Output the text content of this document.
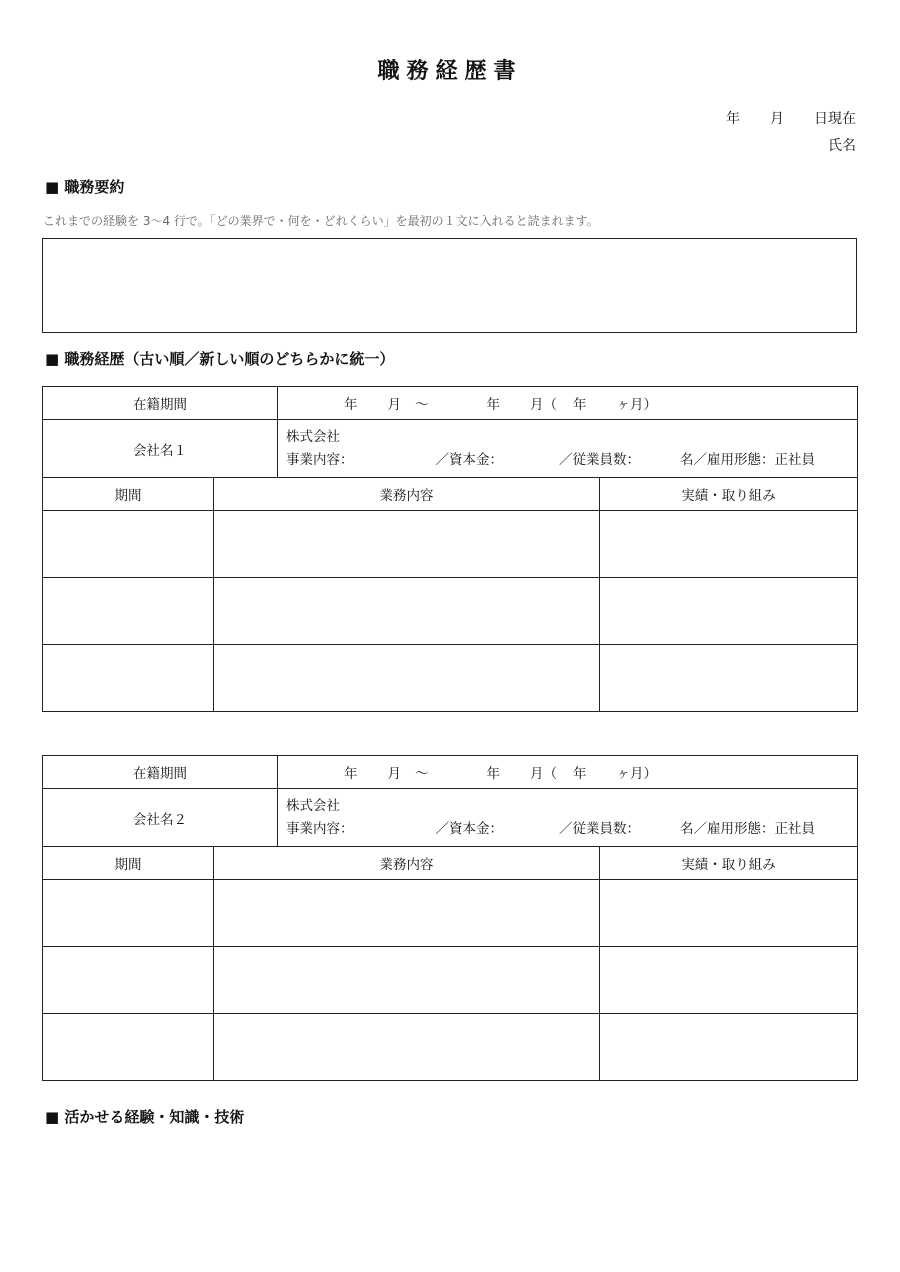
職務経歴書
年 月 日現在
氏名
■ 職務要約
これまでの経験を 3〜4 行で。「どの業界で・何を・どれくらい」を最初の１文に入れると読まれます。
■ 職務経歴（古い順／新しい順のどちらかに統一）
在籍期間		年 月 〜 年 月（ 年 ヶ月）	
会社名１		株式会社
事業内容： ／資本金： ／従業員数： 名／雇用形態：正社員	

期間	業務内容		実績・取り組み

在籍期間		年 月 〜 年 月（ 年 ヶ月）	
会社名２		株式会社
事業内容： ／資本金： ／従業員数： 名／雇用形態：正社員	

期間	業務内容		実績・取り組み

■ 活かせる経験・知識・技術
